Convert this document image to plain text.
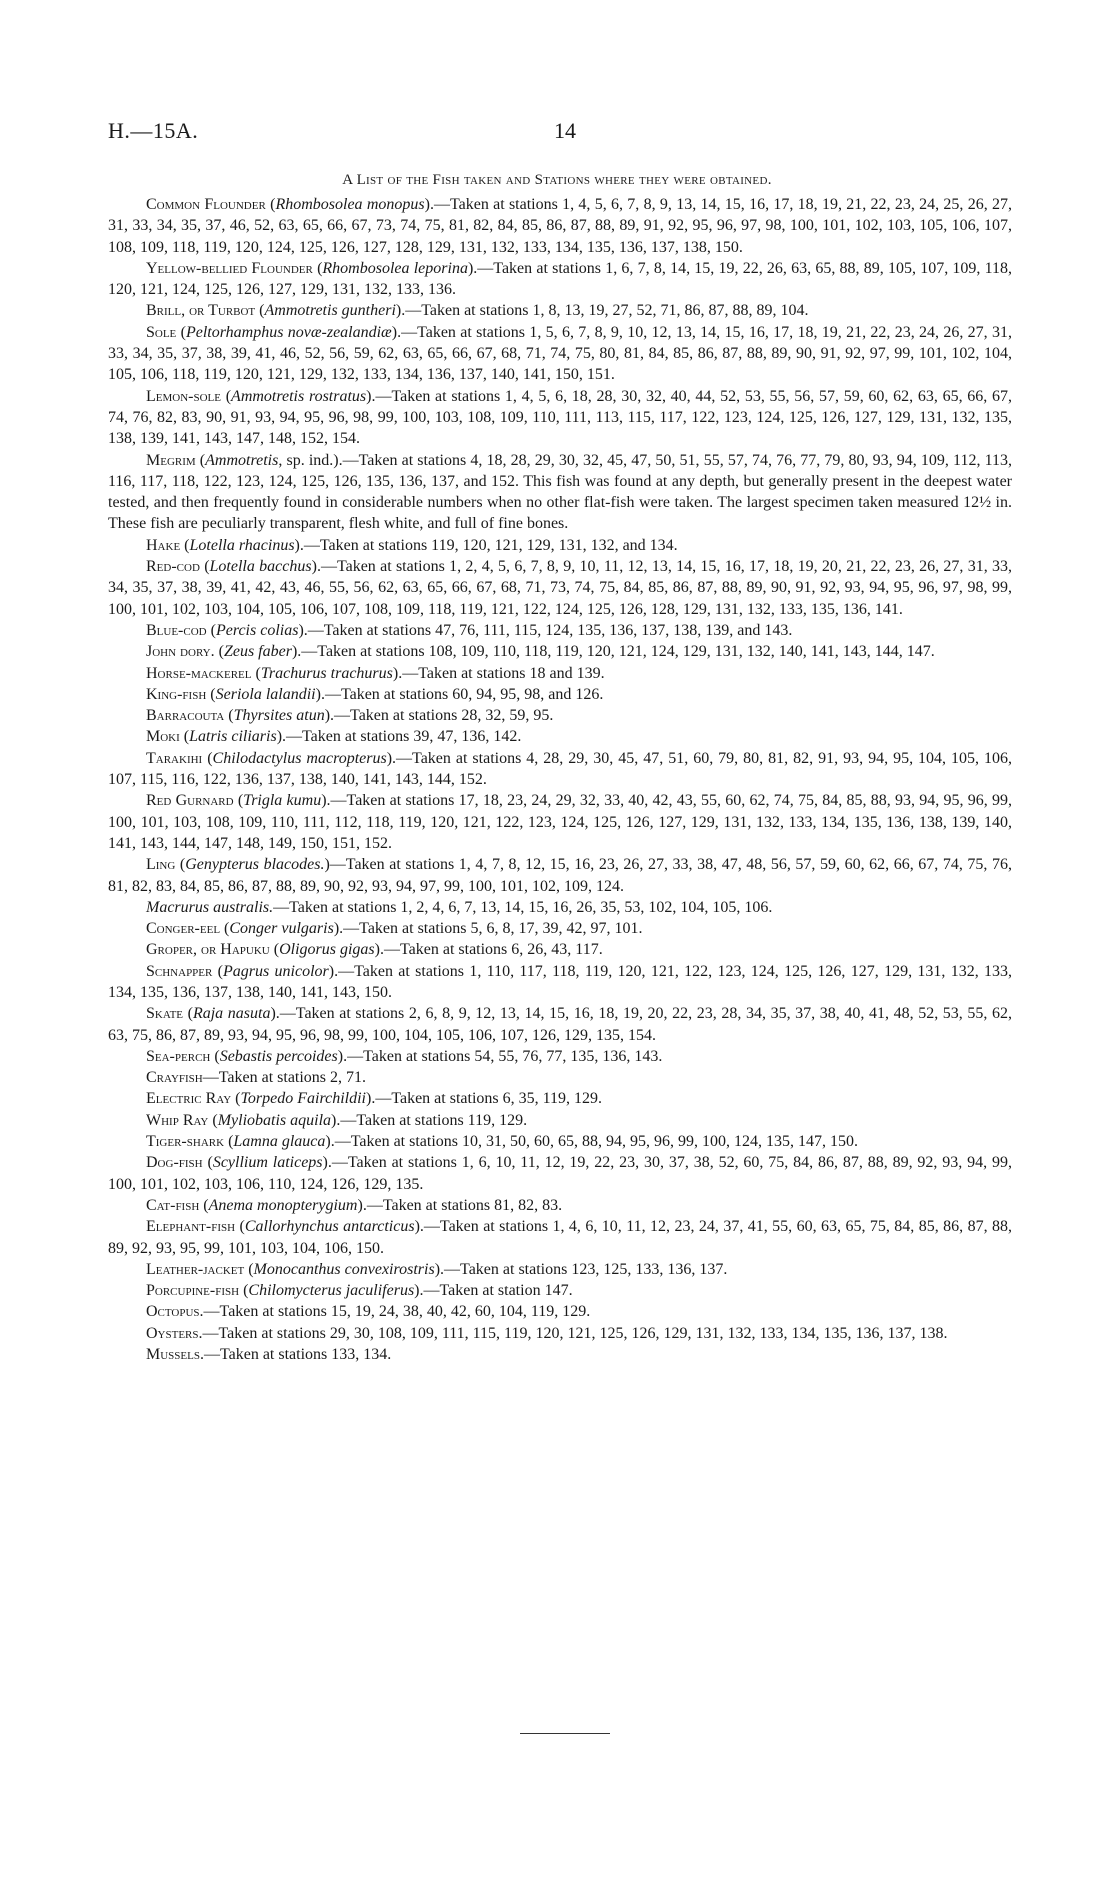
H.—15A.	14
A List of the Fish taken and Stations where they were obtained.

Common Flounder (Rhombosolea monopus).—Taken at stations 1, 4, 5, 6, 7, 8, 9, 13, 14, 15, 16, 17, 18, 19, 21, 22, 23, 24, 25, 26, 27, 31, 33, 34, 35, 37, 46, 52, 63, 65, 66, 67, 73, 74, 75, 81, 82, 84, 85, 86, 87, 88, 89, 91, 92, 95, 96, 97, 98, 100, 101, 102, 103, 105, 106, 107, 108, 109, 118, 119, 120, 124, 125, 126, 127, 128, 129, 131, 132, 133, 134, 135, 136, 137, 138, 150.

Yellow-bellied Flounder (Rhombosolea leporina).—Taken at stations 1, 6, 7, 8, 14, 15, 19, 22, 26, 63, 65, 88, 89, 105, 107, 109, 118, 120, 121, 124, 125, 126, 127, 129, 131, 132, 133, 136.

Brill, or Turbot (Ammotretis guntheri).—Taken at stations 1, 8, 13, 19, 27, 52, 71, 86, 87, 88, 89, 104.

Sole (Peltorhamphus novæ-zealandiæ).—Taken at stations 1, 5, 6, 7, 8, 9, 10, 12, 13, 14, 15, 16, 17, 18, 19, 21, 22, 23, 24, 26, 27, 31, 33, 34, 35, 37, 38, 39, 41, 46, 52, 56, 59, 62, 63, 65, 66, 67, 68, 71, 74, 75, 80, 81, 84, 85, 86, 87, 88, 89, 90, 91, 92, 97, 99, 101, 102, 104, 105, 106, 118, 119, 120, 121, 129, 132, 133, 134, 136, 137, 140, 141, 150, 151.

Lemon-sole (Ammotretis rostratus).—Taken at stations 1, 4, 5, 6, 18, 28, 30, 32, 40, 44, 52, 53, 55, 56, 57, 59, 60, 62, 63, 65, 66, 67, 74, 76, 82, 83, 90, 91, 93, 94, 95, 96, 98, 99, 100, 103, 108, 109, 110, 111, 113, 115, 117, 122, 123, 124, 125, 126, 127, 129, 131, 132, 135, 138, 139, 141, 143, 147, 148, 152, 154.

Megrim (Ammotretis, sp. ind.).—Taken at stations 4, 18, 28, 29, 30, 32, 45, 47, 50, 51, 55, 57, 74, 76, 77, 79, 80, 93, 94, 109, 112, 113, 116, 117, 118, 122, 123, 124, 125, 126, 135, 136, 137, and 152. This fish was found at any depth, but generally present in the deepest water tested, and then frequently found in considerable numbers when no other flat-fish were taken. The largest specimen taken measured 12½ in. These fish are peculiarly transparent, flesh white, and full of fine bones.

Hake (Lotella rhacinus).—Taken at stations 119, 120, 121, 129, 131, 132, and 134.

Red-cod (Lotella bacchus).—Taken at stations 1, 2, 4, 5, 6, 7, 8, 9, 10, 11, 12, 13, 14, 15, 16, 17, 18, 19, 20, 21, 22, 23, 26, 27, 31, 33, 34, 35, 37, 38, 39, 41, 42, 43, 46, 55, 56, 62, 63, 65, 66, 67, 68, 71, 73, 74, 75, 84, 85, 86, 87, 88, 89, 90, 91, 92, 93, 94, 95, 96, 97, 98, 99, 100, 101, 102, 103, 104, 105, 106, 107, 108, 109, 118, 119, 121, 122, 124, 125, 126, 128, 129, 131, 132, 133, 135, 136, 141.

Blue-cod (Percis colias).—Taken at stations 47, 76, 111, 115, 124, 135, 136, 137, 138, 139, and 143.

John dory. (Zeus faber).—Taken at stations 108, 109, 110, 118, 119, 120, 121, 124, 129, 131, 132, 140, 141, 143, 144, 147.

Horse-mackerel (Trachurus trachurus).—Taken at stations 18 and 139.

King-fish (Seriola lalandii).—Taken at stations 60, 94, 95, 98, and 126.

Barracouta (Thyrsites atun).—Taken at stations 28, 32, 59, 95.

Moki (Latris ciliaris).—Taken at stations 39, 47, 136, 142.

Tarakihi (Chilodactylus macropterus).—Taken at stations 4, 28, 29, 30, 45, 47, 51, 60, 79, 80, 81, 82, 91, 93, 94, 95, 104, 105, 106, 107, 115, 116, 122, 136, 137, 138, 140, 141, 143, 144, 152.

Red Gurnard (Trigla kumu).—Taken at stations 17, 18, 23, 24, 29, 32, 33, 40, 42, 43, 55, 60, 62, 74, 75, 84, 85, 88, 93, 94, 95, 96, 99, 100, 101, 103, 108, 109, 110, 111, 112, 118, 119, 120, 121, 122, 123, 124, 125, 126, 127, 129, 131, 132, 133, 134, 135, 136, 138, 139, 140, 141, 143, 144, 147, 148, 149, 150, 151, 152.

Ling (Genypterus blacodes.)—Taken at stations 1, 4, 7, 8, 12, 15, 16, 23, 26, 27, 33, 38, 47, 48, 56, 57, 59, 60, 62, 66, 67, 74, 75, 76, 81, 82, 83, 84, 85, 86, 87, 88, 89, 90, 92, 93, 94, 97, 99, 100, 101, 102, 109, 124.

Macrurus australis.—Taken at stations 1, 2, 4, 6, 7, 13, 14, 15, 16, 26, 35, 53, 102, 104, 105, 106.

Conger-eel (Conger vulgaris).—Taken at stations 5, 6, 8, 17, 39, 42, 97, 101.

Groper, or Hapuku (Oligorus gigas).—Taken at stations 6, 26, 43, 117.

Schnapper (Pagrus unicolor).—Taken at stations 1, 110, 117, 118, 119, 120, 121, 122, 123, 124, 125, 126, 127, 129, 131, 132, 133, 134, 135, 136, 137, 138, 140, 141, 143, 150.

Skate (Raja nasuta).—Taken at stations 2, 6, 8, 9, 12, 13, 14, 15, 16, 18, 19, 20, 22, 23, 28, 34, 35, 37, 38, 40, 41, 48, 52, 53, 55, 62, 63, 75, 86, 87, 89, 93, 94, 95, 96, 98, 99, 100, 104, 105, 106, 107, 126, 129, 135, 154.

Sea-perch (Sebastis percoides).—Taken at stations 54, 55, 76, 77, 135, 136, 143.

Crayfish—Taken at stations 2, 71.

Electric Ray (Torpedo Fairchildii).—Taken at stations 6, 35, 119, 129.

Whip Ray (Myliobatis aquila).—Taken at stations 119, 129.

Tiger-shark (Lamna glauca).—Taken at stations 10, 31, 50, 60, 65, 88, 94, 95, 96, 99, 100, 124, 135, 147, 150.

Dog-fish (Scyllium laticeps).—Taken at stations 1, 6, 10, 11, 12, 19, 22, 23, 30, 37, 38, 52, 60, 75, 84, 86, 87, 88, 89, 92, 93, 94, 99, 100, 101, 102, 103, 106, 110, 124, 126, 129, 135.

Cat-fish (Anema monopterygium).—Taken at stations 81, 82, 83.

Elephant-fish (Callorhynchus antarcticus).—Taken at stations 1, 4, 6, 10, 11, 12, 23, 24, 37, 41, 55, 60, 63, 65, 75, 84, 85, 86, 87, 88, 89, 92, 93, 95, 99, 101, 103, 104, 106, 150.

Leather-jacket (Monocanthus convexirostris).—Taken at stations 123, 125, 133, 136, 137.

Porcupine-fish (Chilomycterus jaculiferus).—Taken at station 147.

Octopus.—Taken at stations 15, 19, 24, 38, 40, 42, 60, 104, 119, 129.

Oysters.—Taken at stations 29, 30, 108, 109, 111, 115, 119, 120, 121, 125, 126, 129, 131, 132, 133, 134, 135, 136, 137, 138.

Mussels.—Taken at stations 133, 134.
